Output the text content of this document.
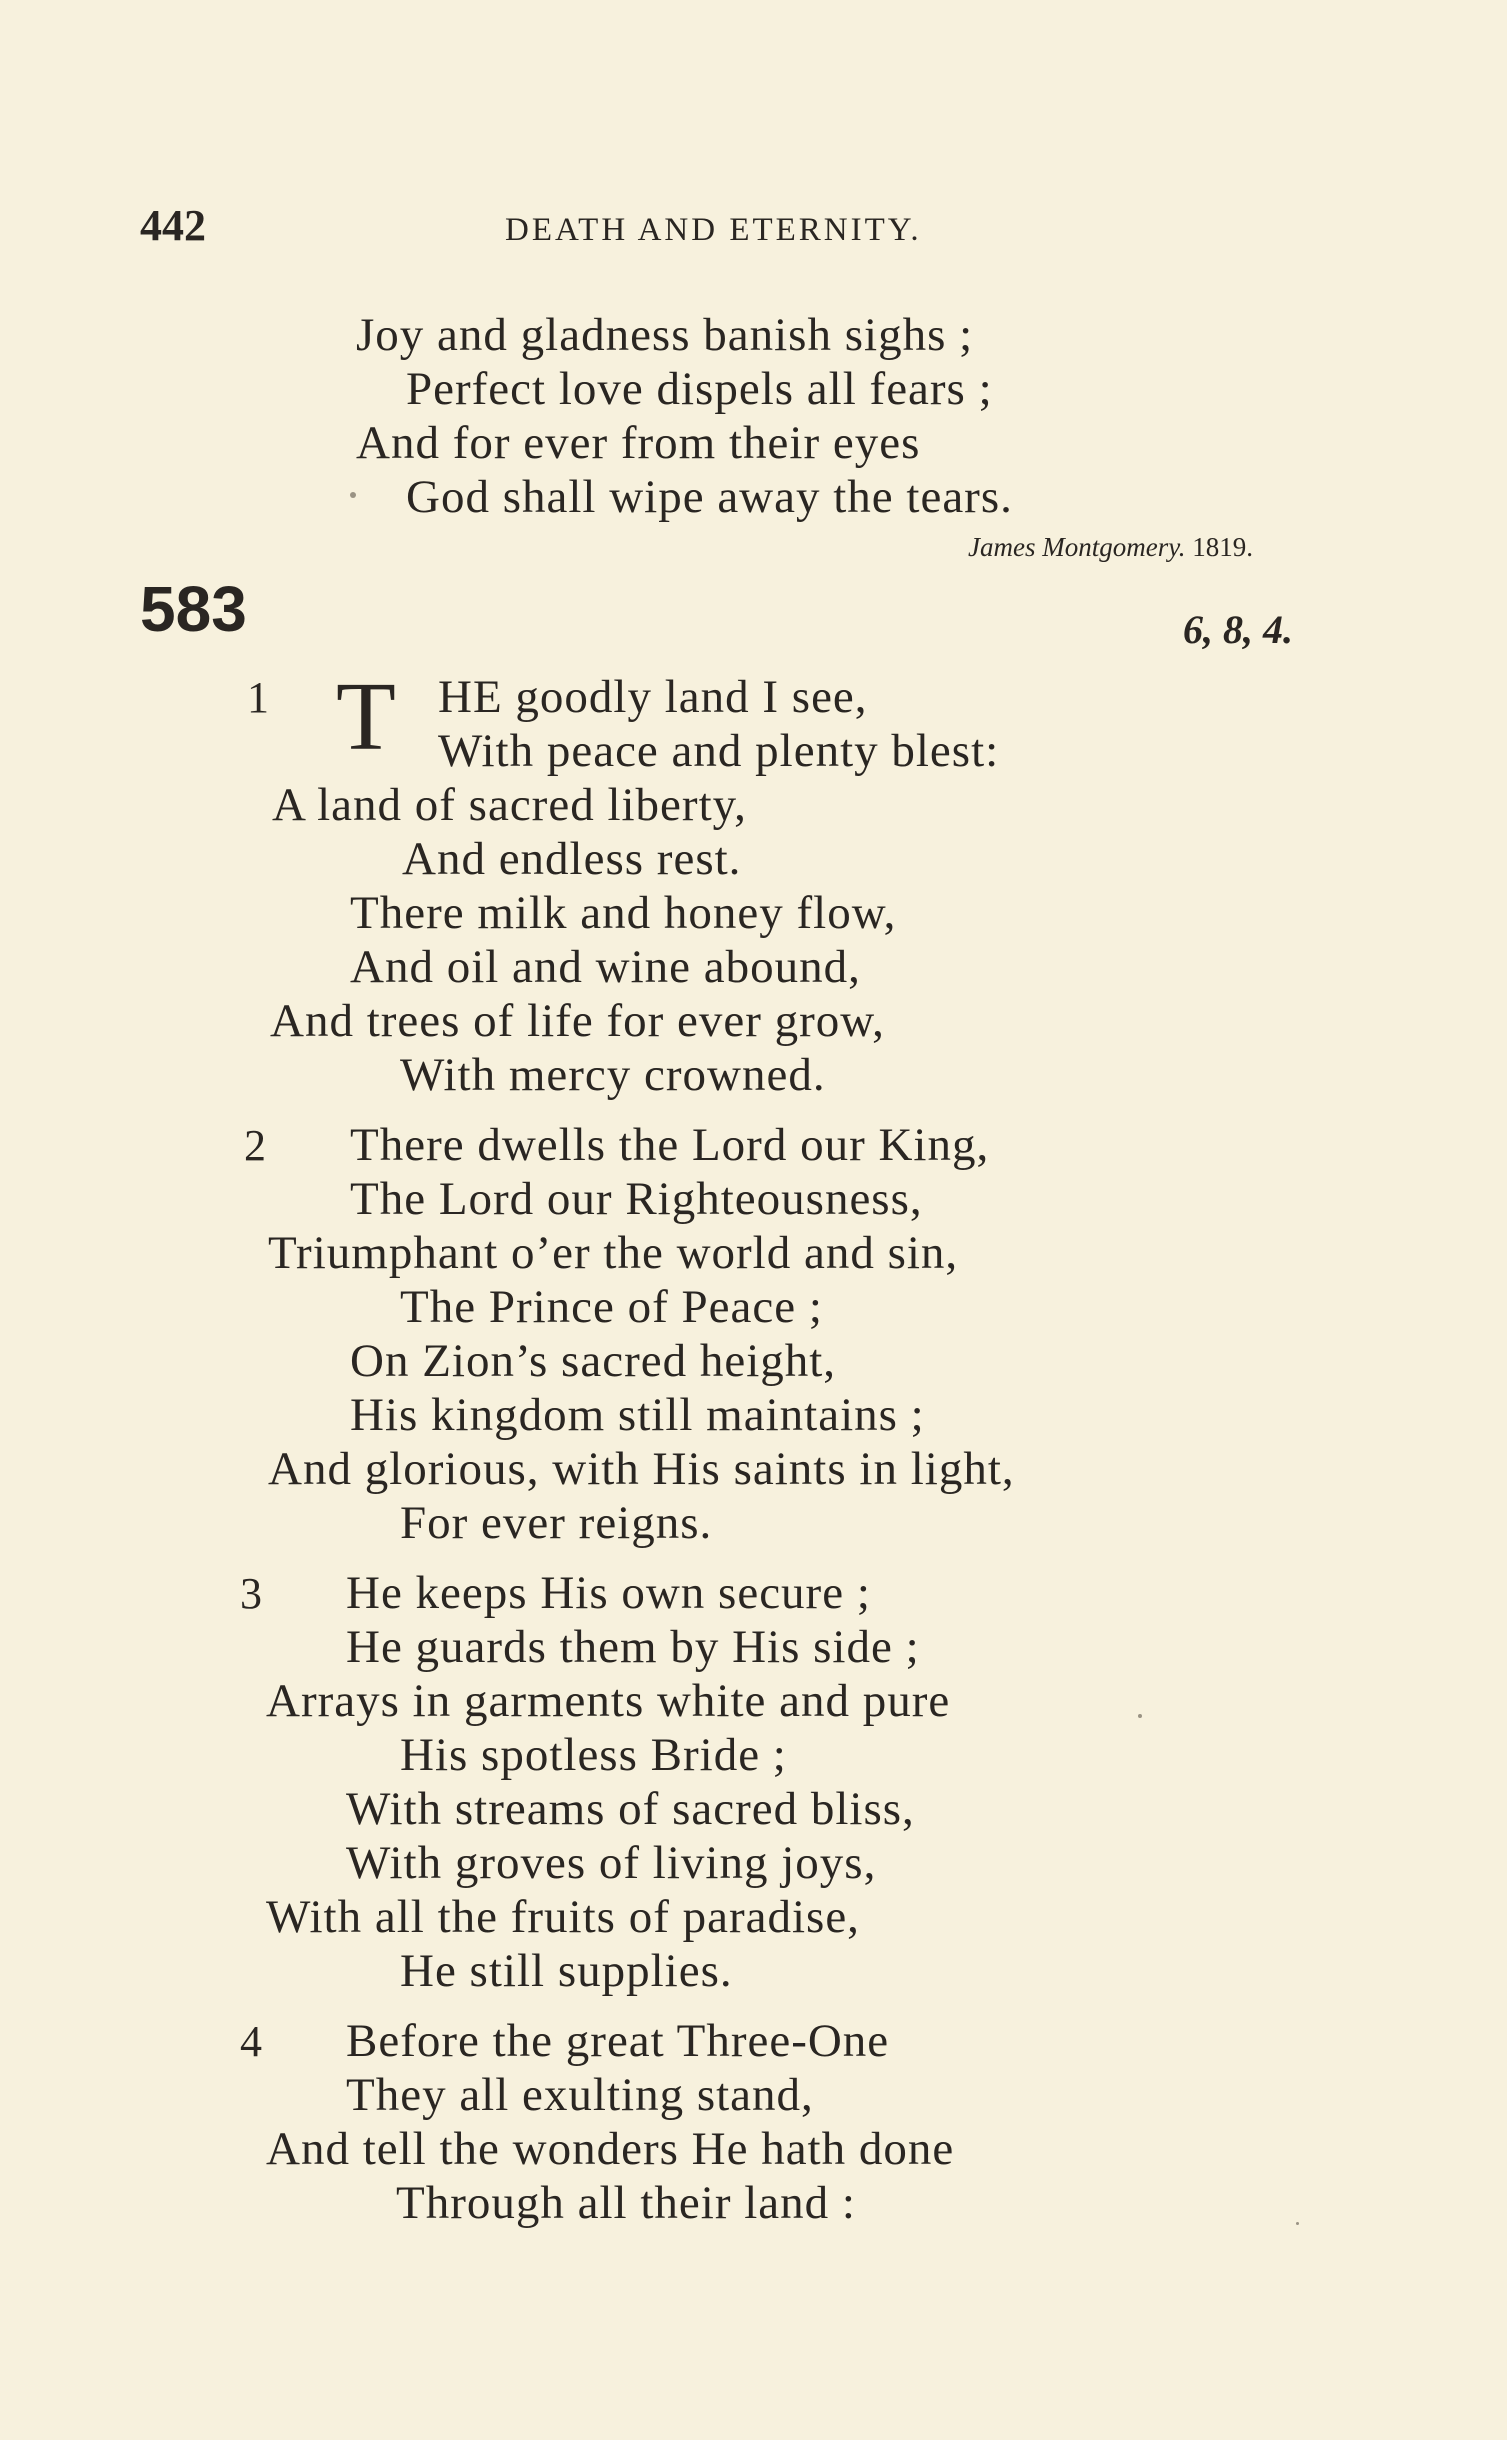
442	DEATH AND ETERNITY.
Joy and gladness banish sighs ;
Perfect love dispels all fears ;
And for ever from their eyes
God shall wipe away the tears.
James Montgomery. 1819.
583	6, 8, 4.
1 T HE goodly land I see,
With peace and plenty blest:
A land of sacred liberty,
And endless rest.
There milk and honey flow,
And oil and wine abound,
And trees of life for ever grow,
With mercy crowned.
2 There dwells the Lord our King,
The Lord our Righteousness,
Triumphant o’er the world and sin,
The Prince of Peace ;
On Zion’s sacred height,
His kingdom still maintains ;
And glorious, with His saints in light,
For ever reigns.
3 He keeps His own secure ;
He guards them by His side ;
Arrays in garments white and pure
His spotless Bride ;
With streams of sacred bliss,
With groves of living joys,
With all the fruits of paradise,
He still supplies.
4 Before the great Three-One
They all exulting stand,
And tell the wonders He hath done
Through all their land :
